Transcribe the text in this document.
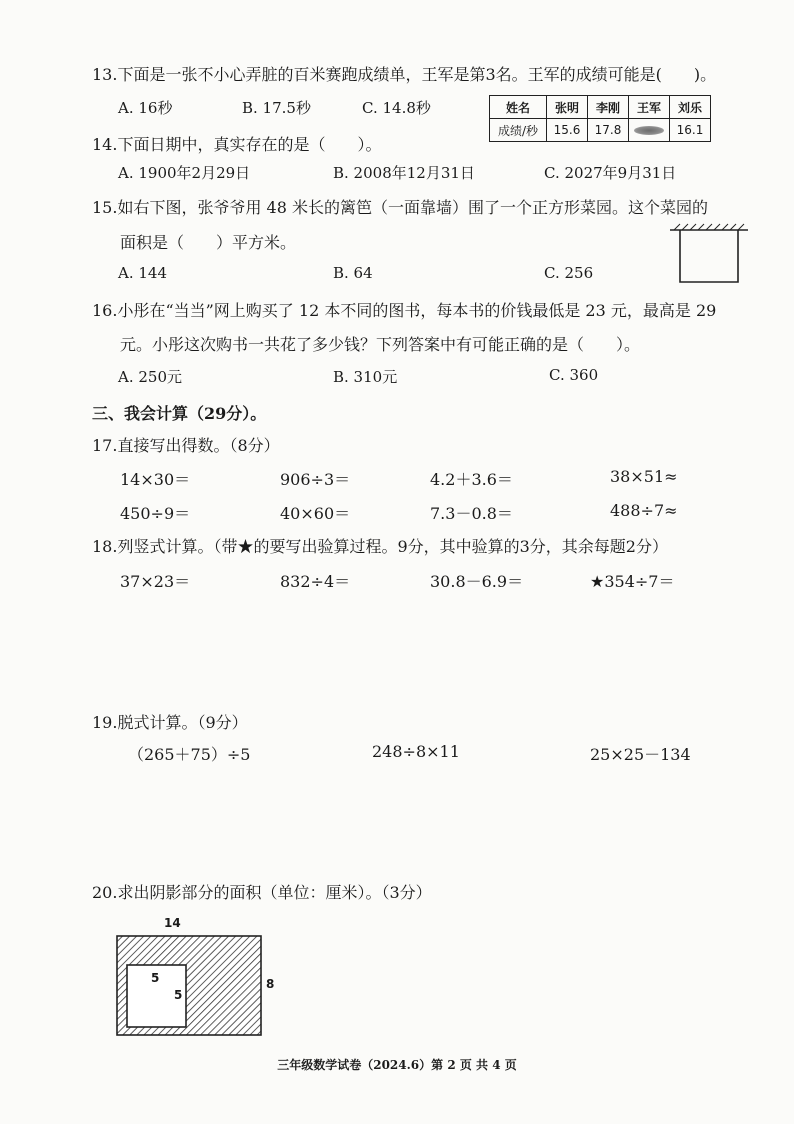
13.下面是一张不小心弄脏的百米赛跑成绩单，王军是第3名。王军的成绩可能是(　　)。
A. 16秒	B. 17.5秒	C. 14.8秒	姓名	张明	李刚	王军	刘乐
成绩/秒	15.6	17.8		16.1
14.下面日期中，真实存在的是（　　）。
A. 1900年2月29日	B. 2008年12月31日	C. 2027年9月31日
15.如右下图，张爷爷用 48 米长的篱笆（一面靠墙）围了一个正方形菜园。这个菜园的
面积是（　　）平方米。
A. 144	B. 64	C. 256
16.小彤在“当当”网上购买了 12 本不同的图书，每本书的价钱最低是 23 元，最高是 29
元。小彤这次购书一共花了多少钱？下列答案中有可能正确的是（　　）。
A. 250元	B. 310元	C. 360
三、我会计算（29分）。
17.直接写出得数。（8分）
14×30＝	906÷3＝	4.2＋3.6＝	38×51≈
450÷9＝	40×60＝	7.3－0.8＝	488÷7≈
18.列竖式计算。（带★的要写出验算过程。9分，其中验算的3分，其余每题2分）
37×23＝	832÷4＝	30.8－6.9＝	★354÷7＝
19.脱式计算。（9分）
（265＋75）÷5	248÷8×11	25×25－134
20.求出阴影部分的面积（单位：厘米）。（3分）
14
8
5
5
三年级数学试卷（2024.6）第 2 页 共 4 页
